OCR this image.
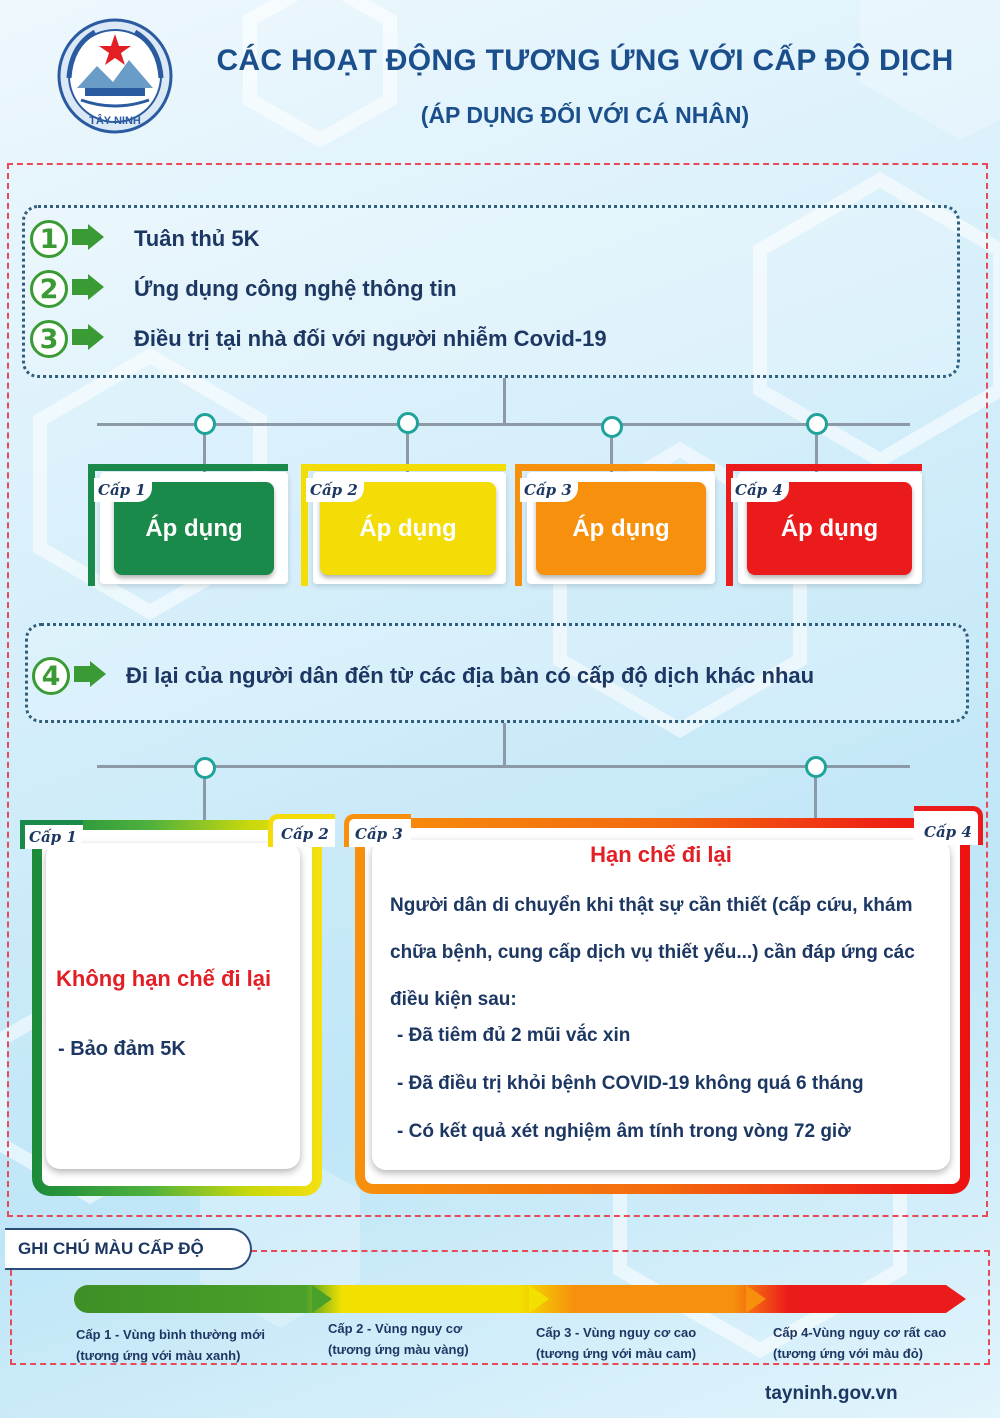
TÂY NINH
CÁC HOẠT ĐỘNG TƯƠNG ỨNG VỚI CẤP ĐỘ DỊCH
(ÁP DỤNG ĐỐI VỚI CÁ NHÂN)
1	Tuân thủ 5K
2	Ứng dụng công nghệ thông tin
3	Điều trị tại nhà đối với người nhiễm Covid-19
Áp dụng
Cấp 1
Áp dụng
Cấp 2
Áp dụng
Cấp 3
Áp dụng
Cấp 4
4	Đi lại của người dân đến từ các địa bàn có cấp độ dịch khác nhau
Cấp 1	Cấp 2
Không hạn chế đi lại
- Bảo đảm 5K
Cấp 3	Cấp 4
Hạn chế đi lại
Người dân di chuyển khi thật sự cần thiết (cấp cứu, khám
chữa bệnh, cung cấp dịch vụ thiết yếu...) cần đáp ứng các
điều kiện sau:
- Đã tiêm đủ 2 mũi vắc xin
- Đã điều trị khỏi bệnh COVID-19 không quá 6 tháng
- Có kết quả xét nghiệm âm tính trong vòng 72 giờ
GHI CHÚ MÀU CẤP ĐỘ
Cấp 1 - Vùng bình thường mới
(tương ứng với màu xanh)
Cấp 2 - Vùng nguy cơ
(tương ứng màu vàng)
Cấp 3 - Vùng nguy cơ cao
(tương ứng với màu cam)
Cấp 4-Vùng nguy cơ rất cao
(tương ứng với màu đỏ)
tayninh.gov.vn
